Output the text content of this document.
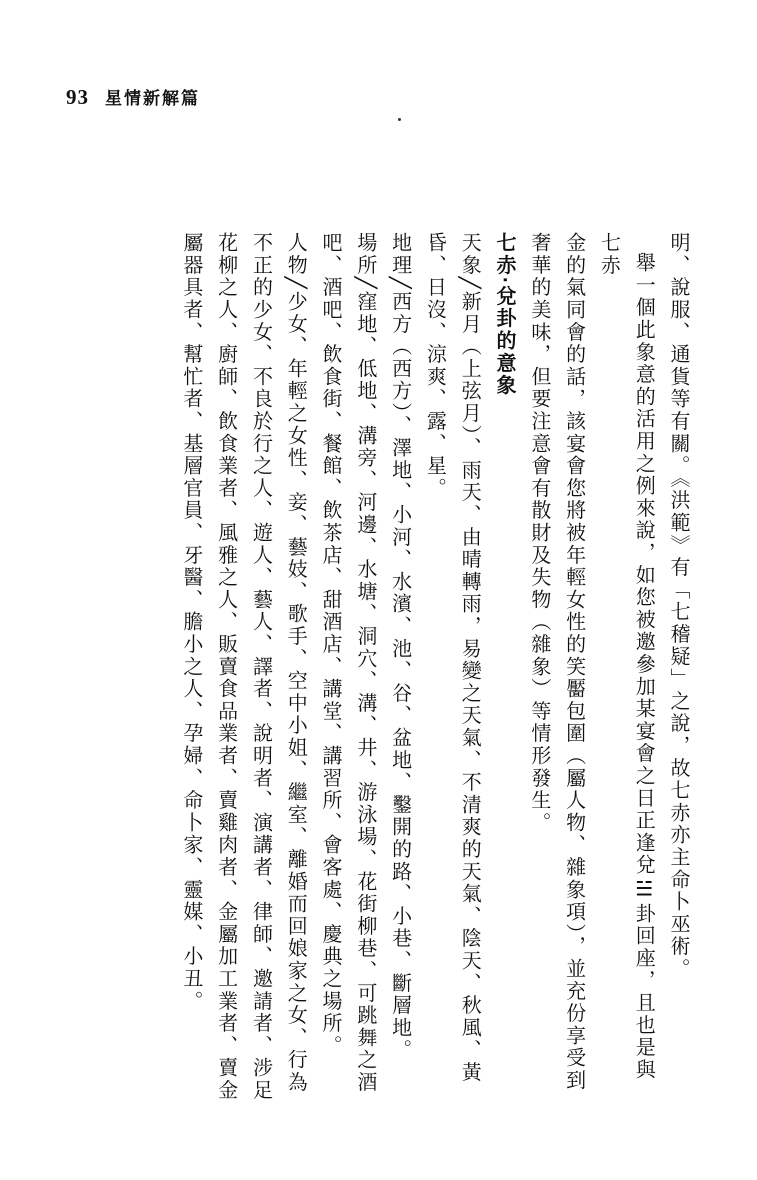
93 星情新解篇

明、說服、通貨等有關。《洪範》有「七稽疑」之說，故七赤亦主命卜巫術。

舉一個此象意的活用之例來說，如您被邀參加某宴會之日正逢兌☱卦回座，且也是與七赤

金的氣同會的話，該宴會您將被年輕女性的笑靨包圍（屬人物、雜象項），並充份享受到

奢華的美味，但要注意會有散財及失物（雜象）等情形發生。

七赤‧兌卦的意象

天象╱新月（上弦月）、雨天、由晴轉雨，易變之天氣、不清爽的天氣、陰天、秋風、黃昏、日沒、涼爽、露、星。

地理╱西方（西方）、澤地、小河、水濱、池、谷、盆地、鑿開的路、小巷、斷層地。

場所╱窪地、低地、溝旁、河邊、水塘、洞穴、溝、井、游泳場、花街柳巷、可跳舞之酒吧、酒吧、飲食街、餐館、飲茶店、甜酒店、講堂、講習所、會客處、慶典之場所。

人物╱少女、年輕之女性、妾、藝妓、歌手、空中小姐、繼室、離婚而回娘家之女、行為不正的少女、不良於行之人、遊人、藝人、譯者、說明者、演講者、律師、邀請者、涉足花柳之人、廚師、飲食業者、風雅之人、販賣食品業者、賣雞肉者、金屬加工業者、賣金屬器具者、幫忙者、基層官員、牙醫、膽小之人、孕婦、命卜家、靈媒、小丑。
